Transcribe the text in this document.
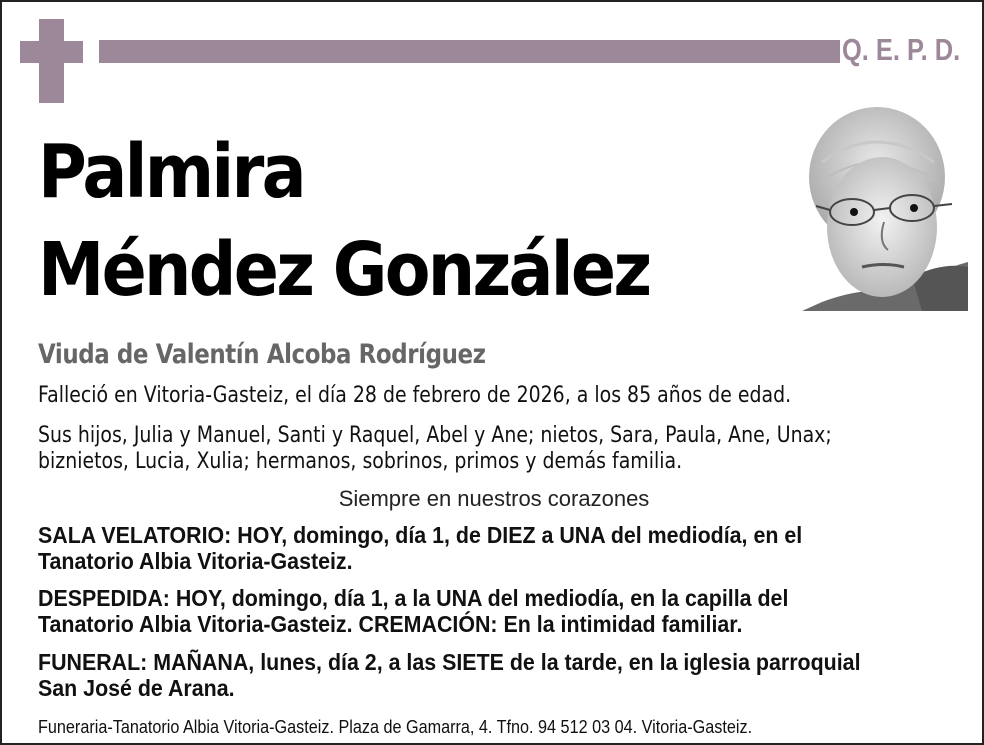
Q. E. P. D.
Palmira
Méndez González
Viuda de Valentín Alcoba Rodríguez
Falleció en Vitoria-Gasteiz, el día 28 de febrero de 2026, a los 85 años de edad.
Sus hijos, Julia y Manuel, Santi y Raquel, Abel y Ane; nietos, Sara, Paula, Ane, Unax;
biznietos, Lucia, Xulia; hermanos, sobrinos, primos y demás familia.
Siempre en nuestros corazones
SALA VELATORIO: HOY, domingo, día 1, de DIEZ a UNA del mediodía, en el
Tanatorio Albia Vitoria-Gasteiz.
DESPEDIDA: HOY, domingo, día 1, a la UNA del mediodía, en la capilla del
Tanatorio Albia Vitoria-Gasteiz. CREMACIÓN: En la intimidad familiar.
FUNERAL: MAÑANA, lunes, día 2, a las SIETE de la tarde, en la iglesia parroquial
San José de Arana.
Funeraria-Tanatorio Albia Vitoria-Gasteiz. Plaza de Gamarra, 4. Tfno. 94 512 03 04. Vitoria-Gasteiz.
